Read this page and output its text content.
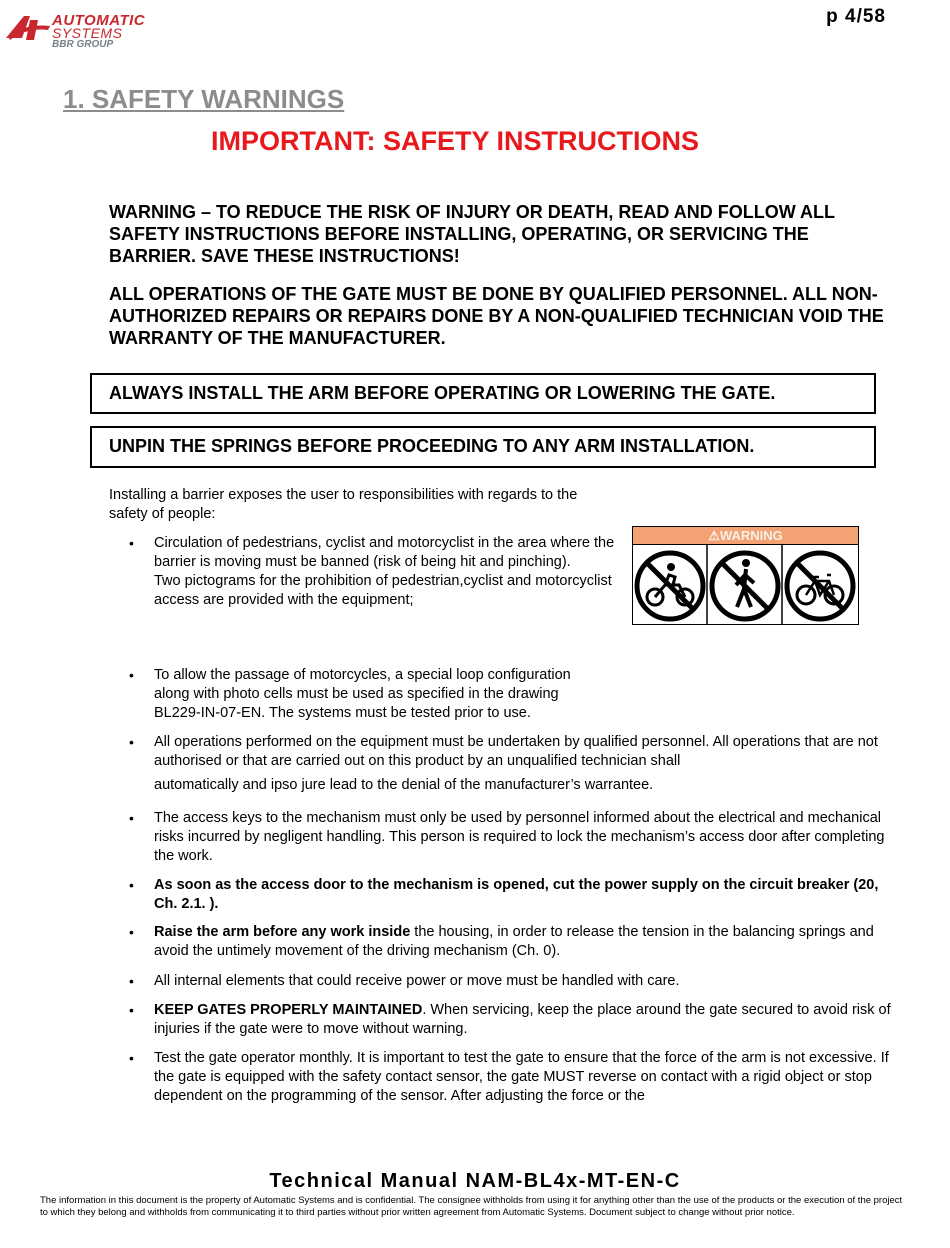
AUTOMATIC
SYSTEMS
BBR GROUP
p 4/58
1. SAFETY WARNINGS
IMPORTANT: SAFETY INSTRUCTIONS
WARNING – TO REDUCE THE RISK OF INJURY OR DEATH, READ AND FOLLOW ALL SAFETY INSTRUCTIONS BEFORE INSTALLING, OPERATING, OR SERVICING THE BARRIER. SAVE THESE INSTRUCTIONS!
ALL OPERATIONS OF THE GATE MUST BE DONE BY QUALIFIED PERSONNEL. ALL NON-AUTHORIZED REPAIRS OR REPAIRS DONE BY A NON-QUALIFIED TECHNICIAN VOID THE WARRANTY OF THE MANUFACTURER.
ALWAYS INSTALL THE ARM BEFORE OPERATING OR LOWERING THE GATE.
UNPIN THE SPRINGS BEFORE PROCEEDING TO ANY ARM INSTALLATION.
Installing a barrier exposes the user to responsibilities with regards to the safety of people:
⚠WARNING
• Circulation of pedestrians, cyclist and motorcyclist in the area where the barrier is moving must be banned (risk of being hit and pinching).
Two pictograms for the prohibition of pedestrian,cyclist and motorcyclist access are provided with the equipment;
• To allow the passage of motorcycles, a special loop configuration along with photo cells must be used as specified in the drawing BL229-IN-07-EN. The systems must be tested prior to use.
• All operations performed on the equipment must be undertaken by qualified personnel. All operations that are not authorised or that are carried out on this product by an unqualified technician shall
automatically and ipso jure lead to the denial of the manufacturer’s warrantee.
• The access keys to the mechanism must only be used by personnel informed about the electrical and mechanical risks incurred by negligent handling. This person is required to lock the mechanism’s access door after completing the work.
• As soon as the access door to the mechanism is opened, cut the power supply on the circuit breaker (20, Ch. 2.1. ).
• Raise the arm before any work inside the housing, in order to release the tension in the balancing springs and avoid the untimely movement of the driving mechanism (Ch. 0).
• All internal elements that could receive power or move must be handled with care.
• KEEP GATES PROPERLY MAINTAINED. When servicing, keep the place around the gate secured to avoid risk of injuries if the gate were to move without warning.
• Test the gate operator monthly. It is important to test the gate to ensure that the force of the arm is not excessive. If the gate is equipped with the safety contact sensor, the gate MUST reverse on contact with a rigid object or stop dependent on the programming of the sensor. After adjusting the force or the
Technical Manual NAM-BL4x-MT-EN-C
The information in this document is the property of Automatic Systems and is confidential. The consignee withholds from using it for anything other than the use of the products or the execution of the project to which they belong and withholds from communicating it to third parties without prior written agreement from Automatic Systems. Document subject to change without prior notice.
